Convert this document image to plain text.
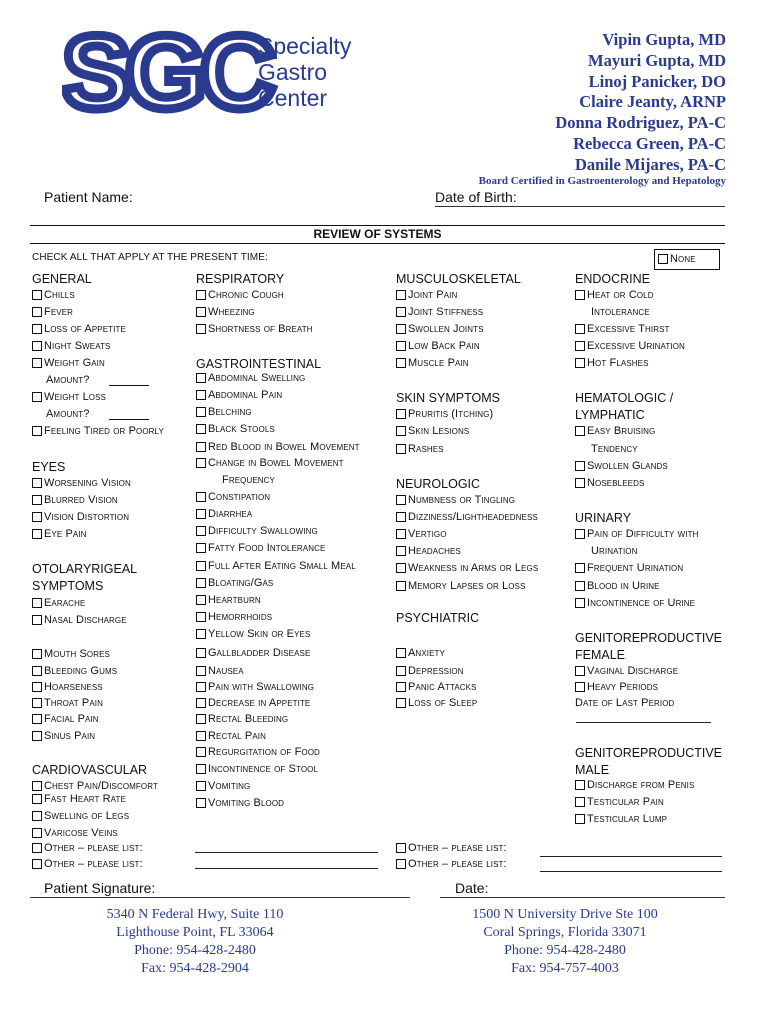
SGC
Specialty
Gastro
Center
Vipin Gupta, MD
Mayuri Gupta, MD
Linoj Panicker, DO
Claire Jeanty, ARNP
Donna Rodriguez, PA-C
Rebecca Green, PA-C
Danile Mijares, PA-C
Board Certified in Gastroenterology and Hepatology
Patient Name:	Date of Birth:
REVIEW OF SYSTEMS
CHECK ALL THAT APPLY AT THE PRESENT TIME:	None
GENERAL
Chills
Fever
Loss of Appetite
Night Sweats
Weight Gain
Amount?
Weight Loss
Amount?
Feeling Tired or Poorly
EYES
Worsening Vision
Blurred Vision
Vision Distortion
Eye Pain
OTOLARYRIGEAL
SYMPTOMS
Earache
Nasal Discharge
Mouth Sores
Bleeding Gums
Hoarseness
Throat Pain
Facial Pain
Sinus Pain
CARDIOVASCULAR
Chest Pain/Discomfort
Fast Heart Rate
Swelling of Legs
Varicose Veins
Other – please list:
Other – please list:
RESPIRATORY
Chronic Cough
Wheezing
Shortness of Breath
GASTROINTESTINAL
Abdominal Swelling
Abdominal Pain
Belching
Black Stools
Red Blood in Bowel Movement
Change in Bowel Movement
Frequency
Constipation
Diarrhea
Difficulty Swallowing
Fatty Food Intolerance
Full After Eating Small Meal
Bloating/Gas
Heartburn
Hemorrhoids
Yellow Skin or Eyes
Gallbladder Disease
Nausea
Pain with Swallowing
Decrease in Appetite
Rectal Bleeding
Rectal Pain
Regurgitation of Food
Incontinence of Stool
Vomiting
Vomiting Blood
MUSCULOSKELETAL
Joint Pain
Joint Stiffness
Swollen Joints
Low Back Pain
Muscle Pain
SKIN SYMPTOMS
Pruritis (Itching)
Skin Lesions
Rashes
NEUROLOGIC
Numbness or Tingling
Dizziness/Lightheadedness
Vertigo
Headaches
Weakness in Arms or Legs
Memory Lapses or Loss
PSYCHIATRIC
Anxiety
Depression
Panic Attacks
Loss of Sleep
Other – please list:
Other – please list:
ENDOCRINE
Heat or Cold
Intolerance
Excessive Thirst
Excessive Urination
Hot Flashes
HEMATOLOGIC /
LYMPHATIC
Easy Bruising
Tendency
Swollen Glands
Nosebleeds
URINARY
Pain of Difficulty with
Urination
Frequent Urination
Blood in Urine
Incontinence of Urine
GENITOREPRODUCTIVE
FEMALE
Vaginal Discharge
Heavy Periods
Date of Last Period
GENITOREPRODUCTIVE
MALE
Discharge from Penis
Testicular Pain
Testicular Lump
Patient Signature:	Date:
5340 N Federal Hwy, Suite 110
Lighthouse Point, FL 33064
Phone: 954-428-2480
Fax: 954-428-2904
1500 N University Drive Ste 100
Coral Springs, Florida 33071
Phone: 954-428-2480
Fax: 954-757-4003
